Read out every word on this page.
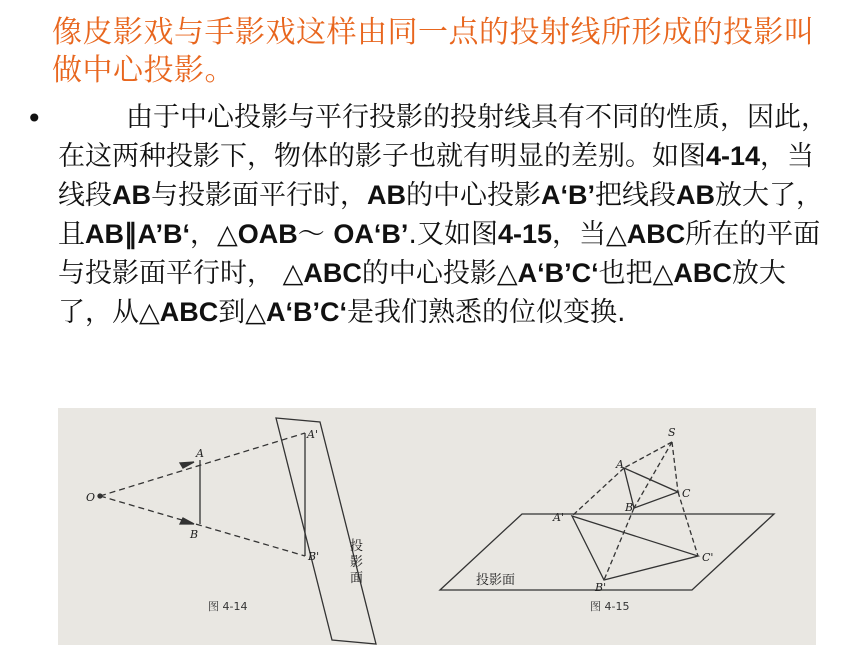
像皮影戏与手影戏这样由同一点的投射线所形成的投影叫做中心投影。
•	由于中心投影与平行投影的投射线具有不同的性质，因此，在这两种投影下，物体的影子也就有明显的差别。如图4-14，当线段AB与投影面平行时，AB的中心投影A‘B’把线段AB放大了，且AB∥A’B‘，△OAB～ OA‘B’.又如图4-15，当△ABC所在的平面与投影面平行时， △ABC的中心投影△A‘B’C‘也把△ABC放大了，从△ABC到△A‘B’C‘是我们熟悉的位似变换.
O
A
B
A'
B'
投
影
面
图 4-14
S
A
B
C
A'
B'
C'
投影面
图 4-15
